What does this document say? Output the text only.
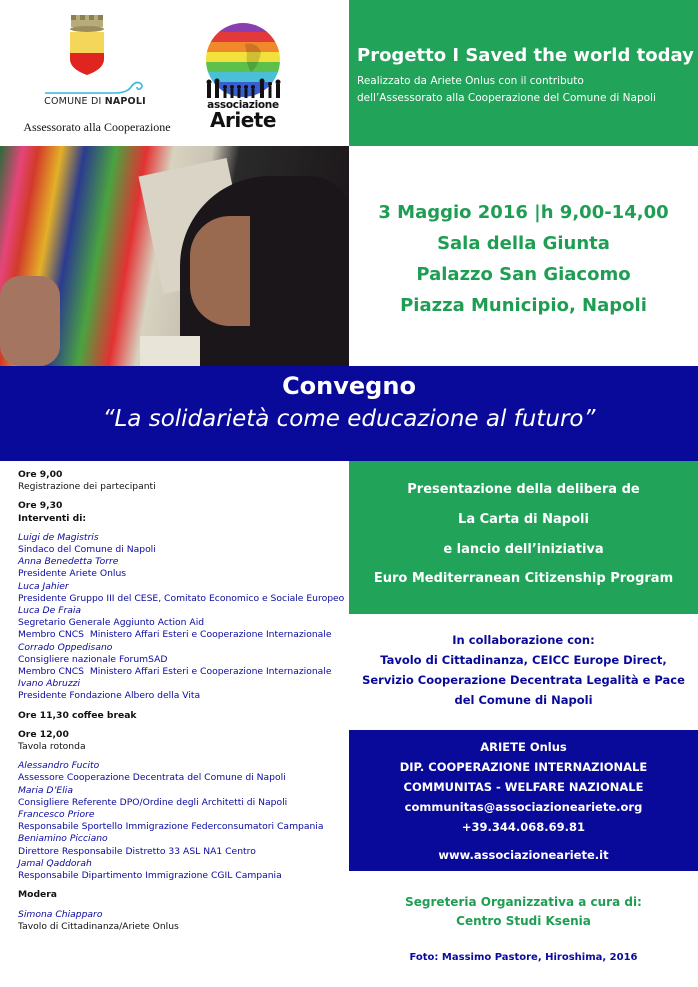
COMUNE DI NAPOLI
Assessorato alla Cooperazione
associazione
Ariete
Progetto I Saved the world today
Realizzato da Ariete Onlus con il contributo
dell’Assessorato alla Cooperazione del Comune di Napoli
3 Maggio 2016 |h 9,00-14,00
Sala della Giunta
Palazzo San Giacomo
Piazza Municipio, Napoli
Convegno
“La solidarietà come educazione al futuro”
Ore 9,00
Registrazione dei partecipanti
Ore 9,30
Interventi di:
Luigi de Magistris
Sindaco del Comune di Napoli
Anna Benedetta Torre
Presidente Ariete Onlus
Luca Jahier
Presidente Gruppo III del CESE, Comitato Economico e Sociale Europeo
Luca De Fraia
Segretario Generale Aggiunto Action Aid
Membro CNCS  Ministero Affari Esteri e Cooperazione Internazionale
Corrado Oppedisano
Consigliere nazionale ForumSAD
Membro CNCS  Ministero Affari Esteri e Cooperazione Internazionale
Ivano Abruzzi
Presidente Fondazione Albero della Vita
Ore 11,30 coffee break
Ore 12,00
Tavola rotonda
Alessandro Fucito
Assessore Cooperazione Decentrata del Comune di Napoli
Maria D’Elia
Consigliere Referente DPO/Ordine degli Architetti di Napoli
Francesco Priore
Responsabile Sportello Immigrazione Federconsumatori Campania
Beniamino Picciano
Direttore Responsabile Distretto 33 ASL NA1 Centro
Jamal Qaddorah
Responsabile Dipartimento Immigrazione CGIL Campania
Modera
Simona Chiapparo
Tavolo di Cittadinanza/Ariete Onlus
Presentazione della delibera de
La Carta di Napoli
e lancio dell’iniziativa
Euro Mediterranean Citizenship Program
In collaborazione con:
Tavolo di Cittadinanza, CEICC Europe Direct,
Servizio Cooperazione Decentrata Legalità e Pace
del Comune di Napoli
ARIETE Onlus
DIP. COOPERAZIONE INTERNAZIONALE
COMMUNITAS - WELFARE NAZIONALE
communitas@associazioneariete.org
+39.344.068.69.81
www.associazioneariete.it
Segreteria Organizzativa a cura di:
Centro Studi Ksenia
Foto: Massimo Pastore, Hiroshima, 2016
